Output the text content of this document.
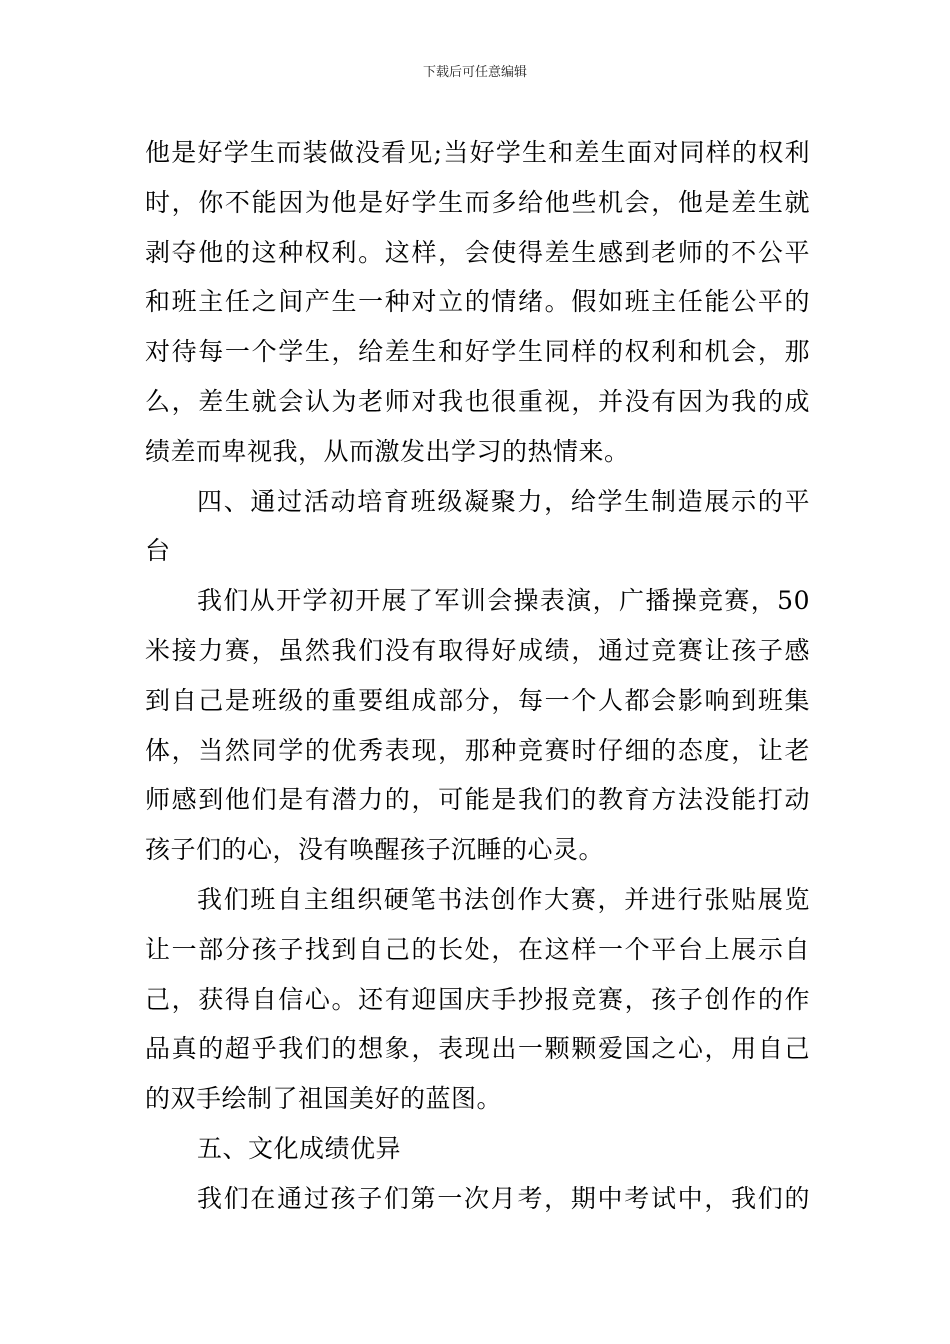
下载后可任意编辑
他是好学生而装做没看见;当好学生和差生面对同样的权利
时，你不能因为他是好学生而多给他些机会，他是差生就
剥夺他的这种权利。这样，会使得差生感到老师的不公平
和班主任之间产生一种对立的情绪。假如班主任能公平的
对待每一个学生，给差生和好学生同样的权利和机会，那
么，差生就会认为老师对我也很重视，并没有因为我的成
绩差而卑视我，从而激发出学习的热情来。
四、通过活动培育班级凝聚力，给学生制造展示的平
台
我们从开学初开展了军训会操表演，广播操竞赛，50
米接力赛，虽然我们没有取得好成绩，通过竞赛让孩子感
到自己是班级的重要组成部分，每一个人都会影响到班集
体，当然同学的优秀表现，那种竞赛时仔细的态度，让老
师感到他们是有潜力的，可能是我们的教育方法没能打动
孩子们的心，没有唤醒孩子沉睡的心灵。
我们班自主组织硬笔书法创作大赛，并进行张贴展览
让一部分孩子找到自己的长处，在这样一个平台上展示自
己，获得自信心。还有迎国庆手抄报竞赛，孩子创作的作
品真的超乎我们的想象，表现出一颗颗爱国之心，用自己
的双手绘制了祖国美好的蓝图。
五、文化成绩优异
我们在通过孩子们第一次月考，期中考试中，我们的
